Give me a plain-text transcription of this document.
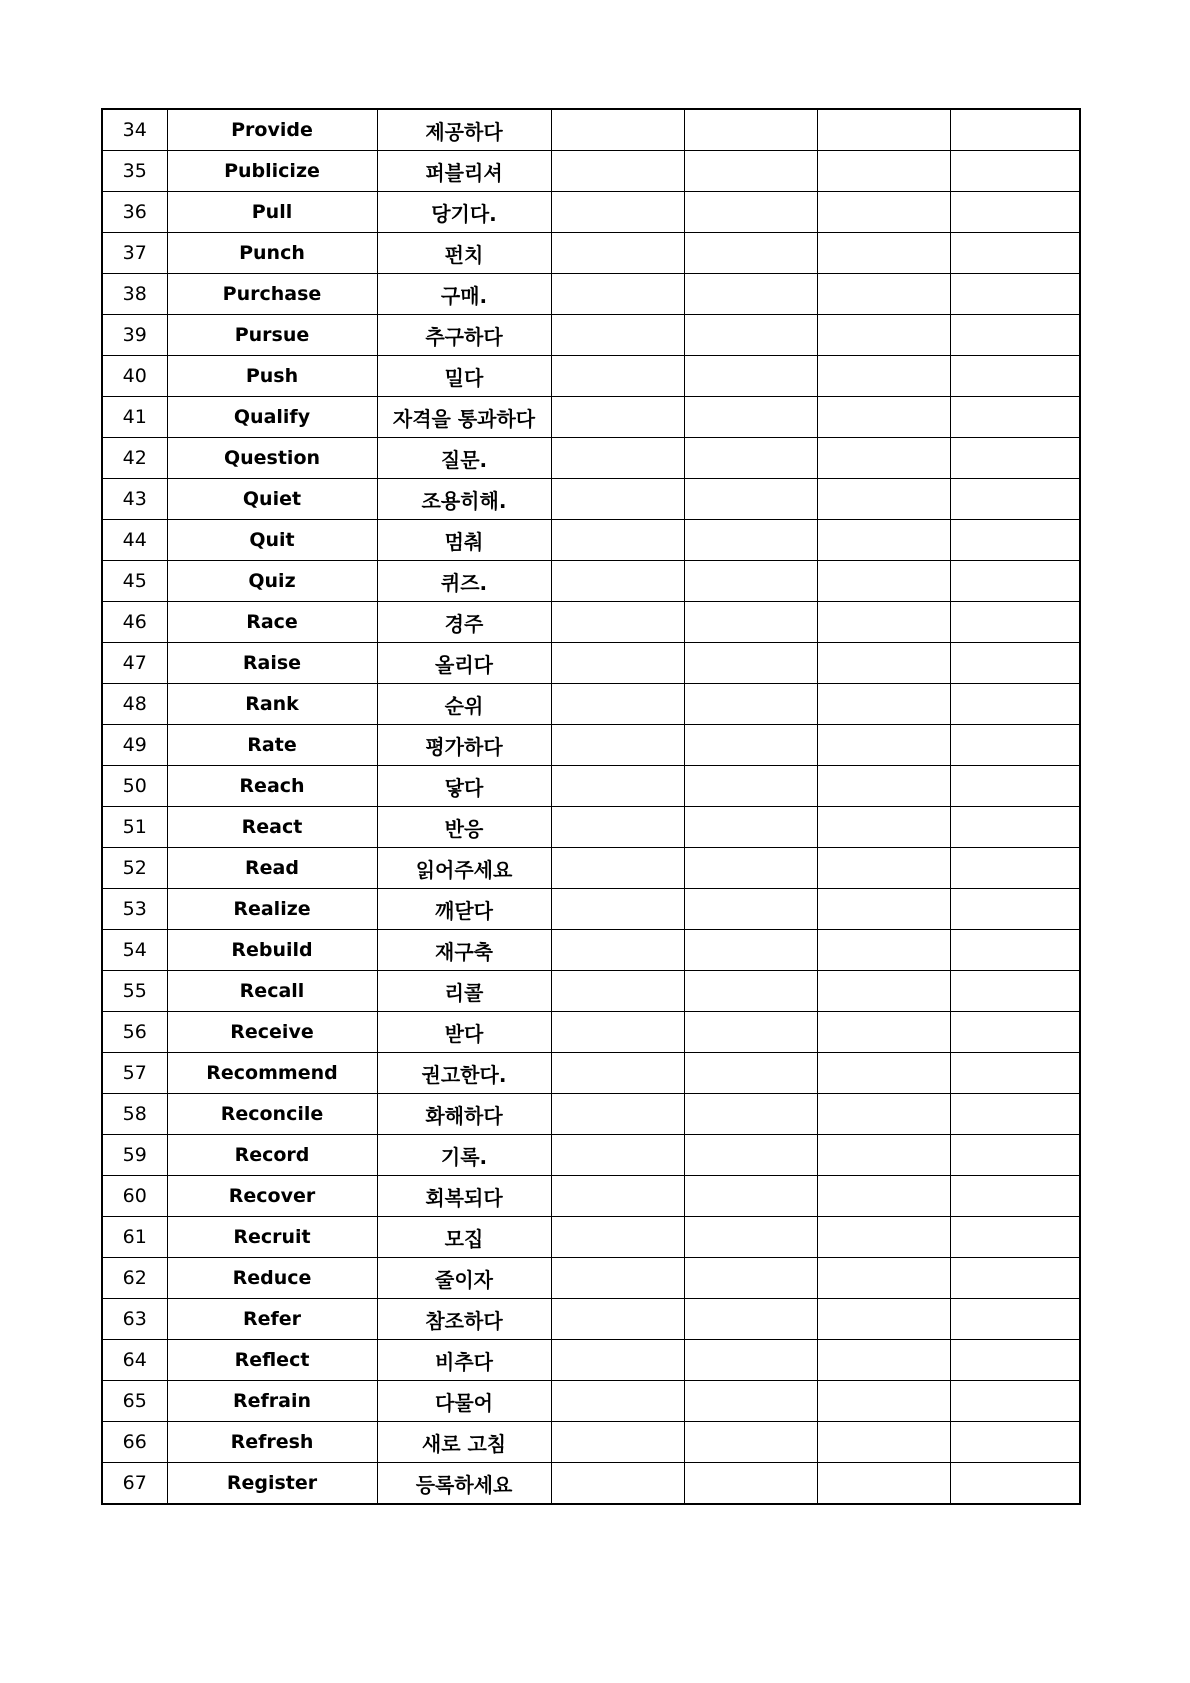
34	Provide	제공하다				
35	Publicize	퍼블리셔				
36	Pull	당기다.				
37	Punch	펀치				
38	Purchase	구매.				
39	Pursue	추구하다				
40	Push	밀다				
41	Qualify	자격을 통과하다				
42	Question	질문.				
43	Quiet	조용히해.				
44	Quit	멈춰				
45	Quiz	퀴즈.				
46	Race	경주				
47	Raise	올리다				
48	Rank	순위				
49	Rate	평가하다				
50	Reach	닿다				
51	React	반응				
52	Read	읽어주세요				
53	Realize	깨닫다				
54	Rebuild	재구축				
55	Recall	리콜				
56	Receive	받다				
57	Recommend	권고한다.				
58	Reconcile	화해하다				
59	Record	기록.				
60	Recover	회복되다				
61	Recruit	모집				
62	Reduce	줄이자				
63	Refer	참조하다				
64	Reflect	비추다				
65	Refrain	다물어				
66	Refresh	새로 고침				
67	Register	등록하세요				
